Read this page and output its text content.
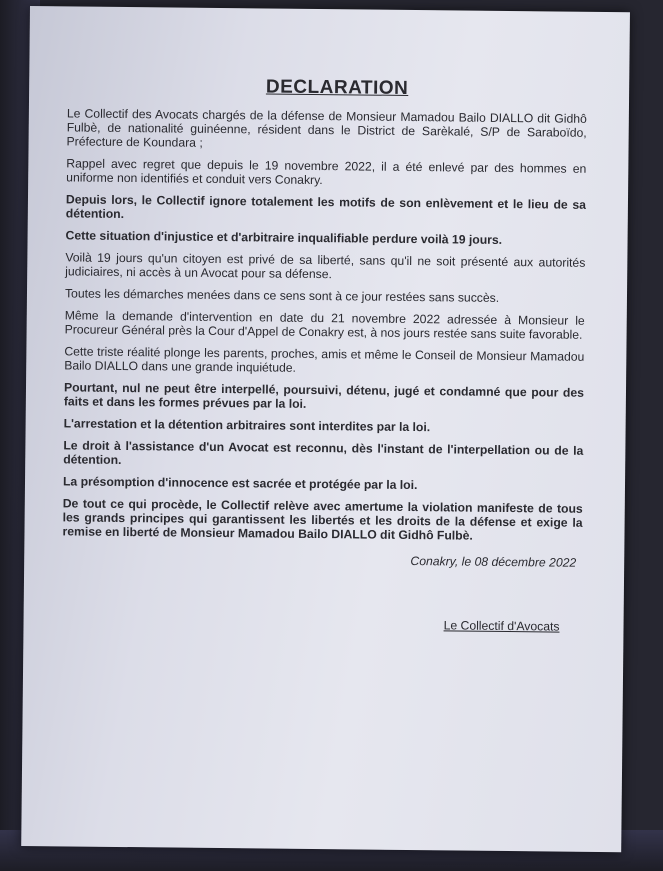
DECLARATION
Le Collectif des Avocats chargés de la défense de Monsieur Mamadou Bailo DIALLO dit Gidhô Fulbè, de nationalité guinéenne, résident dans le District de Sarèkalé, S/P de Saraboïdo, Préfecture de Koundara ;
Rappel avec regret que depuis le 19 novembre 2022, il a été enlevé par des hommes en uniforme non identifiés et conduit vers Conakry.
Depuis lors, le Collectif ignore totalement les motifs de son enlèvement et le lieu de sa détention.
Cette situation d'injustice et d'arbitraire inqualifiable perdure voilà 19 jours.
Voilà 19 jours qu'un citoyen est privé de sa liberté, sans qu'il ne soit présenté aux autorités judiciaires, ni accès à un Avocat pour sa défense.
Toutes les démarches menées dans ce sens sont à ce jour restées sans succès.
Même la demande d'intervention en date du 21 novembre 2022 adressée à Monsieur le Procureur Général près la Cour d'Appel de Conakry est, à nos jours restée sans suite favorable.
Cette triste réalité plonge les parents, proches, amis et même le Conseil de Monsieur Mamadou Bailo DIALLO dans une grande inquiétude.
Pourtant, nul ne peut être interpellé, poursuivi, détenu, jugé et condamné que pour des faits et dans les formes prévues par la loi.
L'arrestation et la détention arbitraires sont interdites par la loi.
Le droit à l'assistance d'un Avocat est reconnu, dès l'instant de l'interpellation ou de la détention.
La présomption d'innocence est sacrée et protégée par la loi.
De tout ce qui procède, le Collectif relève avec amertume la violation manifeste de tous les grands principes qui garantissent les libertés et les droits de la défense et exige la remise en liberté de Monsieur Mamadou Bailo DIALLO dit Gidhô Fulbè.
Conakry, le 08 décembre 2022
Le Collectif d'Avocats
